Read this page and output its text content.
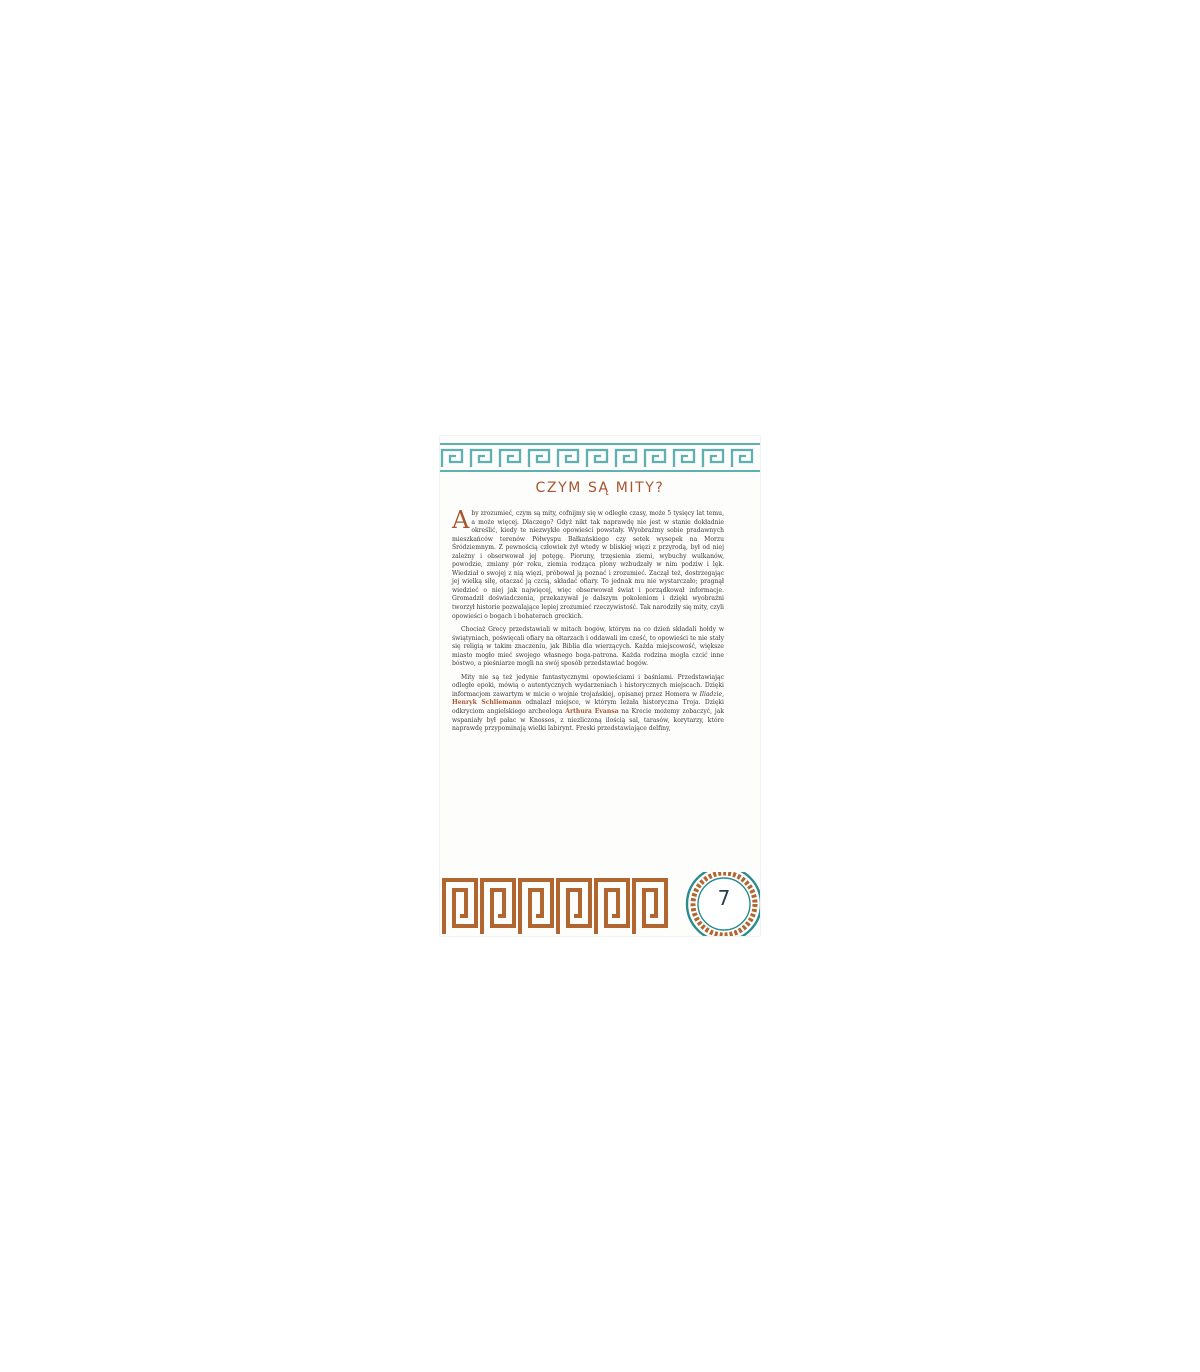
CZYM SĄ MITY?

Aby zrozumieć, czym są mity, cofnijmy się w odległe czasy, może 5 tysięcy lat temu, a może więcej. Dlaczego? Gdyż nikt tak naprawdę nie jest w stanie dokładnie określić, kiedy te niezwykłe opowieści powstały. Wyobraźmy sobie pradawnych mieszkańców terenów Półwyspu Bałkańskiego czy setek wysepek na Morzu Śródziemnym. Z pewnością człowiek żył wtedy w bliskiej więzi z przyrodą, był od niej zależny i obserwował jej potęgę. Pioruny, trzęsienia ziemi, wybuchy wulkanów, powodzie, zmiany pór roku, ziemia rodząca plony wzbudzały w nim podziw i lęk. Wiedział o swojej z nią więzi, próbował ją poznać i zrozumieć. Zaczął też, dostrzegając jej wielką siłę, otaczać ją czcią, składać ofiary. To jednak mu nie wystarczało; pragnął wiedzieć o niej jak najwięcej, więc obserwował świat i porządkował informacje. Gromadził doświadczenia, przekazywał je dalszym pokoleniom i dzięki wyobraźni tworzył historie pozwalające lepiej zrozumieć rzeczywistość. Tak narodziły się mity, czyli opowieści o bogach i bohaterach greckich.

Chociaż Grecy przedstawiali w mitach bogów, którym na co dzień składali hołdy w świątyniach, poświęcali ofiary na ołtarzach i oddawali im cześć, to opowieści te nie stały się religią w takim znaczeniu, jak Biblia dla wierzących. Każda miejscowość, większe miasto mogło mieć swojego własnego boga-patrona. Każda rodzina mogła czcić inne bóstwo, a pieśniarze mogli na swój sposób przedstawiać bogów.

Mity nie są też jedynie fantastycznymi opowieściami i baśniami. Przedstawiając odległe epoki, mówią o autentycznych wydarzeniach i historycznych miejscach. Dzięki informacjom zawartym w micie o wojnie trojańskiej, opisanej przez Homera w Iliadzie, Henryk Schliemann odnalazł miejsce, w którym leżała historyczna Troja. Dzięki odkryciom angielskiego archeologa Arthura Evansa na Krecie możemy zobaczyć, jak wspaniały był pałac w Knossos, z niezliczoną ilością sal, tarasów, korytarzy, które naprawdę przypominają wielki labirynt. Freski przedstawiające delfiny,

7
